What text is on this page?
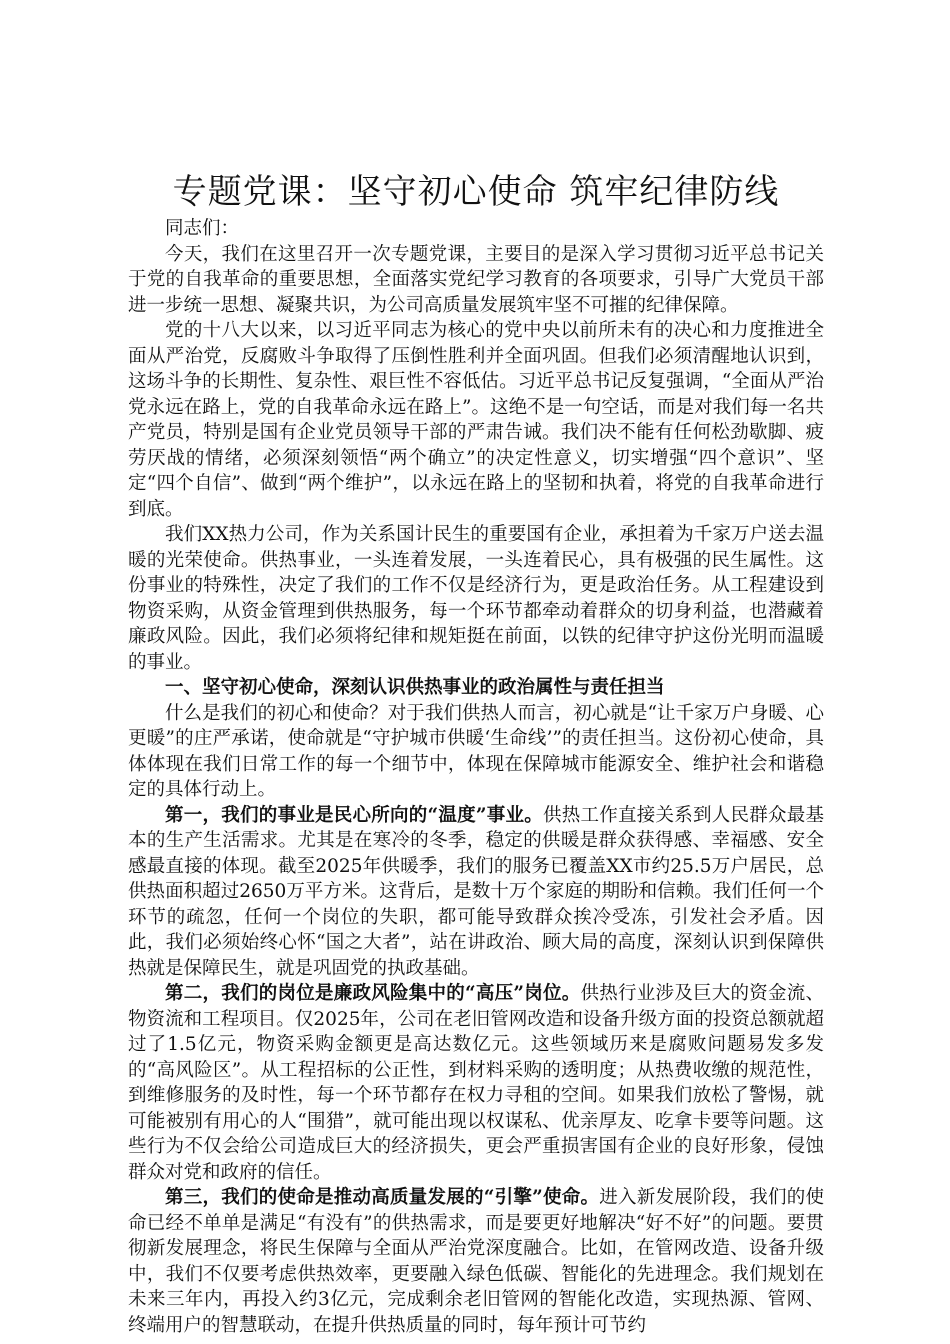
专题党课：坚守初心使命 筑牢纪律防线

同志们：

今天，我们在这里召开一次专题党课，主要目的是深入学习贯彻习近平总书记关于党的自我革命的重要思想，全面落实党纪学习教育的各项要求，引导广大党员干部进一步统一思想、凝聚共识，为公司高质量发展筑牢坚不可摧的纪律保障。

党的十八大以来，以习近平同志为核心的党中央以前所未有的决心和力度推进全面从严治党，反腐败斗争取得了压倒性胜利并全面巩固。但我们必须清醒地认识到，这场斗争的长期性、复杂性、艰巨性不容低估。习近平总书记反复强调，“全面从严治党永远在路上，党的自我革命永远在路上”。这绝不是一句空话，而是对我们每一名共产党员，特别是国有企业党员领导干部的严肃告诫。我们决不能有任何松劲歇脚、疲劳厌战的情绪，必须深刻领悟“两个确立”的决定性意义，切实增强“四个意识”、坚定“四个自信”、做到“两个维护”，以永远在路上的坚韧和执着，将党的自我革命进行到底。

我们XX热力公司，作为关系国计民生的重要国有企业，承担着为千家万户送去温暖的光荣使命。供热事业，一头连着发展，一头连着民心，具有极强的民生属性。这份事业的特殊性，决定了我们的工作不仅是经济行为，更是政治任务。从工程建设到物资采购，从资金管理到供热服务，每一个环节都牵动着群众的切身利益，也潜藏着廉政风险。因此，我们必须将纪律和规矩挺在前面，以铁的纪律守护这份光明而温暖的事业。

一、坚守初心使命，深刻认识供热事业的政治属性与责任担当

什么是我们的初心和使命？对于我们供热人而言，初心就是“让千家万户身暖、心更暖”的庄严承诺，使命就是“守护城市供暖‘生命线’”的责任担当。这份初心使命，具体体现在我们日常工作的每一个细节中，体现在保障城市能源安全、维护社会和谐稳定的具体行动上。

第一，我们的事业是民心所向的“温度”事业。供热工作直接关系到人民群众最基本的生产生活需求。尤其是在寒冷的冬季，稳定的供暖是群众获得感、幸福感、安全感最直接的体现。截至2025年供暖季，我们的服务已覆盖XX市约25.5万户居民，总供热面积超过2650万平方米。这背后，是数十万个家庭的期盼和信赖。我们任何一个环节的疏忽，任何一个岗位的失职，都可能导致群众挨冷受冻，引发社会矛盾。因此，我们必须始终心怀“国之大者”，站在讲政治、顾大局的高度，深刻认识到保障供热就是保障民生，就是巩固党的执政基础。

第二，我们的岗位是廉政风险集中的“高压”岗位。供热行业涉及巨大的资金流、物资流和工程项目。仅2025年，公司在老旧管网改造和设备升级方面的投资总额就超过了1.5亿元，物资采购金额更是高达数亿元。这些领域历来是腐败问题易发多发的“高风险区”。从工程招标的公正性，到材料采购的透明度；从热费收缴的规范性，到维修服务的及时性，每一个环节都存在权力寻租的空间。如果我们放松了警惕，就可能被别有用心的人“围猎”，就可能出现以权谋私、优亲厚友、吃拿卡要等问题。这些行为不仅会给公司造成巨大的经济损失，更会严重损害国有企业的良好形象，侵蚀群众对党和政府的信任。

第三，我们的使命是推动高质量发展的“引擎”使命。进入新发展阶段，我们的使命已经不单单是满足“有没有”的供热需求，而是要更好地解决“好不好”的问题。要贯彻新发展理念，将民生保障与全面从严治党深度融合。比如，在管网改造、设备升级中，我们不仅要考虑供热效率，更要融入绿色低碳、智能化的先进理念。我们规划在未来三年内，再投入约3亿元，完成剩余老旧管网的智能化改造，实现热源、管网、终端用户的智慧联动，在提升供热质量的同时，每年预计可节约
